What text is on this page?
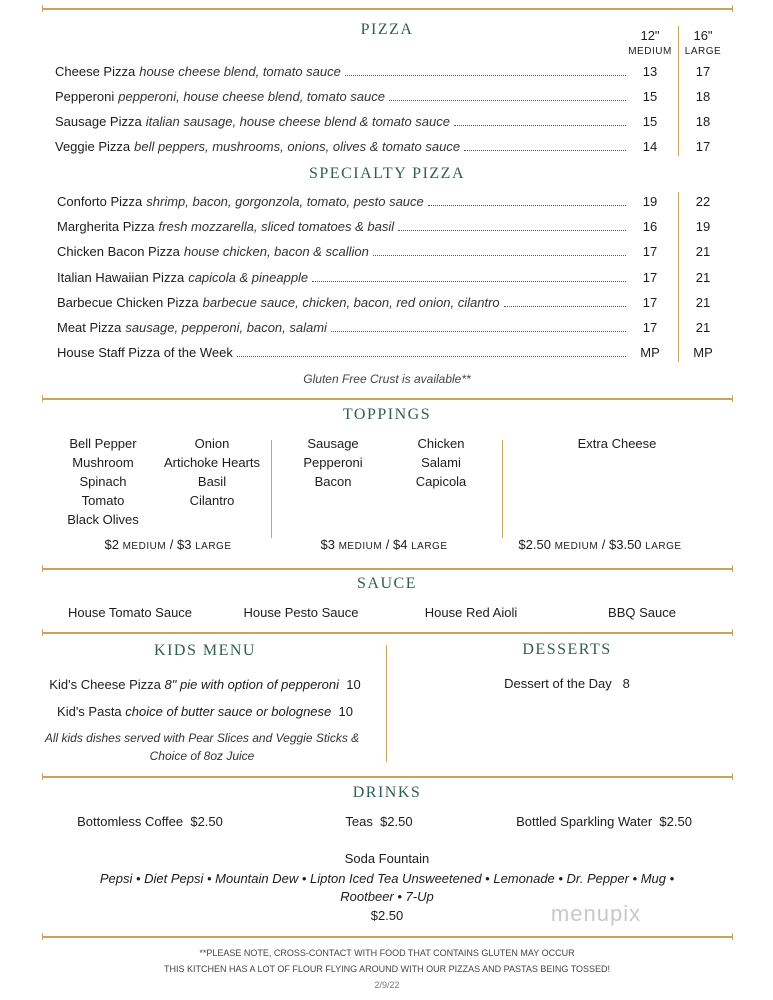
PIZZA	12"
MEDIUM
16"
LARGE
Cheese Pizza house cheese blend, tomato sauce	13	17
Pepperoni pepperoni, house cheese blend, tomato sauce	15	18
Sausage Pizza italian sausage, house cheese blend & tomato sauce	15	18
Veggie Pizza bell peppers, mushrooms, onions, olives & tomato sauce	14	17
SPECIALTY PIZZA
Conforto Pizza shrimp, bacon, gorgonzola, tomato, pesto sauce	19	22
Margherita Pizza fresh mozzarella, sliced tomatoes & basil	16	19
Chicken Bacon Pizza house chicken, bacon & scallion	17	21
Italian Hawaiian Pizza capicola & pineapple	17	21
Barbecue Chicken Pizza barbecue sauce, chicken, bacon, red onion, cilantro	17	21
Meat Pizza sausage, pepperoni, bacon, salami	17	21
House Staff Pizza of the Week	MP	MP
Gluten Free Crust is available**
TOPPINGS
Bell Pepper
Mushroom
Spinach
Tomato
Black Olives
Onion
Artichoke Hearts
Basil
Cilantro
Sausage
Pepperoni
Bacon
Chicken
Salami
Capicola
Extra Cheese
$2 MEDIUM / $3 LARGE	$3 MEDIUM / $4 LARGE	$2.50 MEDIUM / $3.50 LARGE
SAUCE
House Tomato Sauce	House Pesto Sauce	House Red Aioli	BBQ Sauce
KIDS MENU	DESSERTS
Kid's Cheese Pizza 8" pie with option of pepperoni 10
Kid's Pasta choice of butter sauce or bolognese 10
All kids dishes served with Pear Slices and Veggie Sticks &
Choice of 8oz Juice
Dessert of the Day 8
DRINKS
Bottomless Coffee $2.50	Teas $2.50	Bottled Sparkling Water $2.50
Soda Fountain
Pepsi • Diet Pepsi • Mountain Dew • Lipton Iced Tea Unsweetened • Lemonade • Dr. Pepper • Mug •
Rootbeer • 7-Up
$2.50	menupix
**PLEASE NOTE, CROSS-CONTACT WITH FOOD THAT CONTAINS GLUTEN MAY OCCUR
THIS KITCHEN HAS A LOT OF FLOUR FLYING AROUND WITH OUR PIZZAS AND PASTAS BEING TOSSED!
2/9/22
